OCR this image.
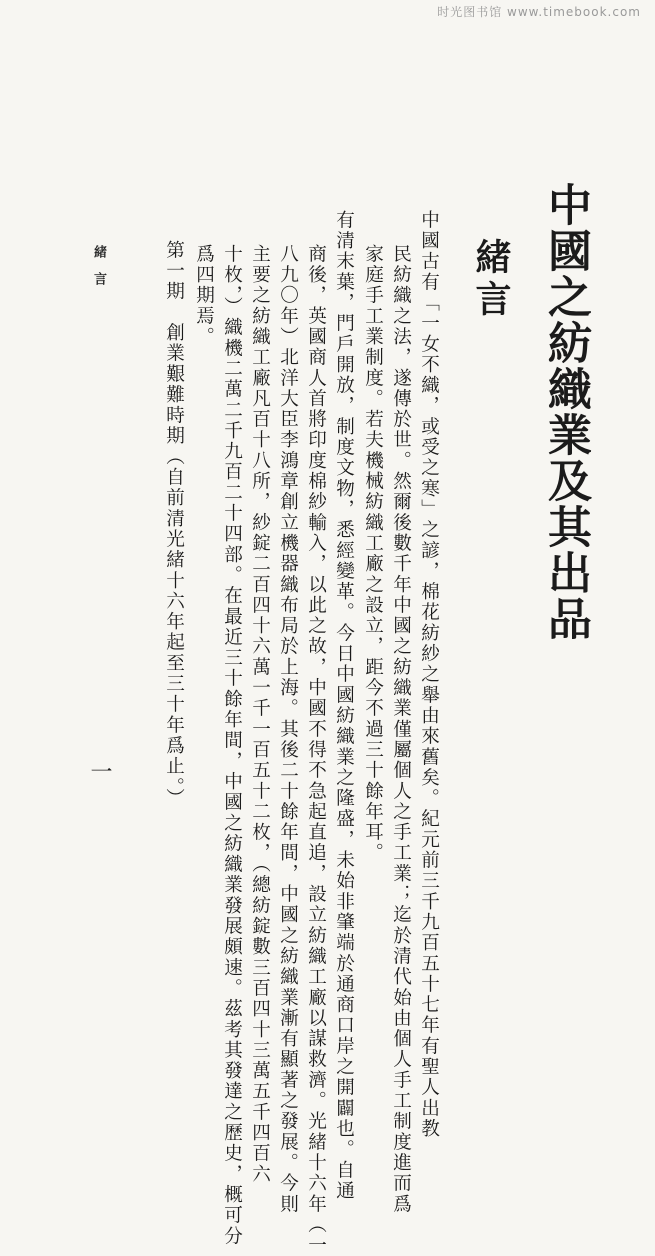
时光图书馆 www.timebook.com
中國之紡織業及其出品
緒言
中國古有「一女不織，或受之寒」之諺，棉花紡紗之舉由來舊矣。紀元前三千九百五十七年有聖人出教
民紡織之法，遂傳於世。然爾後數千年中國之紡織業僅屬個人之手工業；迄於清代始由個人手工制度進而爲
家庭手工業制度。若夫機械紡織工廠之設立，距今不過三十餘年耳。
有清末葉，門戶開放，制度文物，悉經變革。今日中國紡織業之隆盛，未始非肇端於通商口岸之開闢也。自通
商後，英國商人首將印度棉紗輸入，以此之故，中國不得不急起直追，設立紡織工廠以謀救濟。光緒十六年（一
八九〇年）北洋大臣李鴻章創立機器織布局於上海。其後二十餘年間，中國之紡織業漸有顯著之發展。今則
主要之紡織工廠凡百十八所，紗錠二百四十六萬一千一百五十二枚，（總紡錠數三百四十三萬五千四百六
十枚，）織機二萬二千九百二十四部。在最近三十餘年間，中國之紡織業發展頗速。茲考其發達之歷史，概可分
爲四期焉。
第一期　創業艱難時期（自前清光緒十六年起至三十年爲止。）
緒言
一
